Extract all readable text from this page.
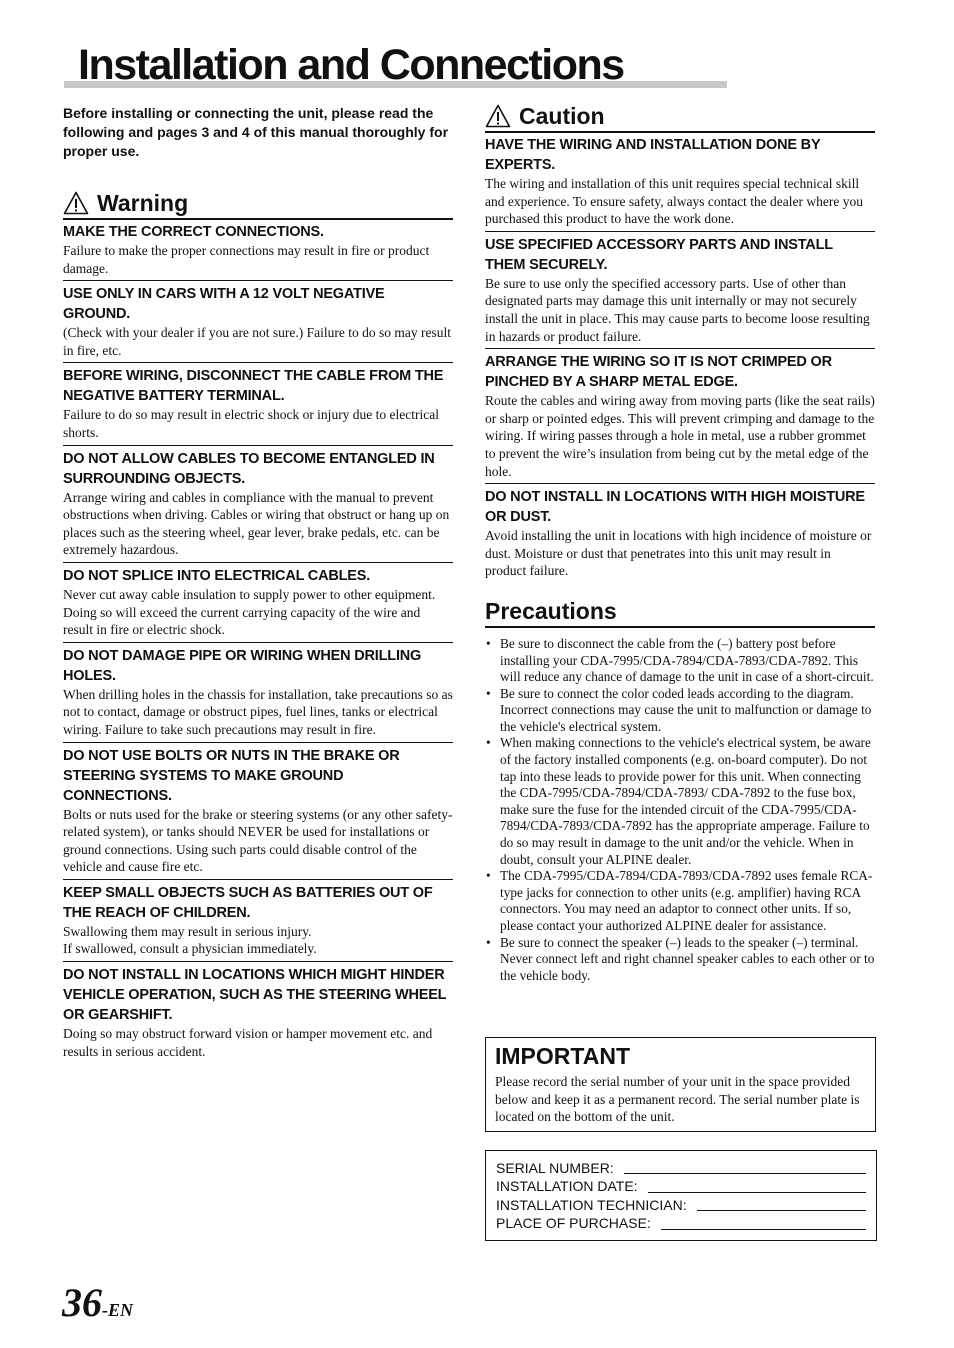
Installation and Connections

Before installing or connecting the unit, please read the following and pages 3 and 4 of this manual thoroughly for proper use.

Warning
MAKE THE CORRECT CONNECTIONS.
Failure to make the proper connections may result in fire or product damage.
USE ONLY IN CARS WITH A 12 VOLT NEGATIVE GROUND.
(Check with your dealer if you are not sure.) Failure to do so may result in fire, etc.
BEFORE WIRING, DISCONNECT THE CABLE FROM THE NEGATIVE BATTERY TERMINAL.
Failure to do so may result in electric shock or injury due to electrical shorts.
DO NOT ALLOW CABLES TO BECOME ENTANGLED IN SURROUNDING OBJECTS.
Arrange wiring and cables in compliance with the manual to prevent obstructions when driving. Cables or wiring that obstruct or hang up on places such as the steering wheel, gear lever, brake pedals, etc. can be extremely hazardous.
DO NOT SPLICE INTO ELECTRICAL CABLES.
Never cut away cable insulation to supply power to other equipment. Doing so will exceed the current carrying capacity of the wire and result in fire or electric shock.
DO NOT DAMAGE PIPE OR WIRING WHEN DRILLING HOLES.
When drilling holes in the chassis for installation, take precautions so as not to contact, damage or obstruct pipes, fuel lines, tanks or electrical wiring. Failure to take such precautions may result in fire.
DO NOT USE BOLTS OR NUTS IN THE BRAKE OR STEERING SYSTEMS TO MAKE GROUND CONNECTIONS.
Bolts or nuts used for the brake or steering systems (or any other safety-related system), or tanks should NEVER be used for installations or ground connections. Using such parts could disable control of the vehicle and cause fire etc.
KEEP SMALL OBJECTS SUCH AS BATTERIES OUT OF THE REACH OF CHILDREN.
Swallowing them may result in serious injury.
If swallowed, consult a physician immediately.
DO NOT INSTALL IN LOCATIONS WHICH MIGHT HINDER VEHICLE OPERATION, SUCH AS THE STEERING WHEEL OR GEARSHIFT.
Doing so may obstruct forward vision or hamper movement etc. and results in serious accident.
Caution
HAVE THE WIRING AND INSTALLATION DONE BY EXPERTS.
The wiring and installation of this unit requires special technical skill and experience. To ensure safety, always contact the dealer where you purchased this product to have the work done.
USE SPECIFIED ACCESSORY PARTS AND INSTALL THEM SECURELY.
Be sure to use only the specified accessory parts. Use of other than designated parts may damage this unit internally or may not securely install the unit in place. This may cause parts to become loose resulting in hazards or product failure.
ARRANGE THE WIRING SO IT IS NOT CRIMPED OR PINCHED BY A SHARP METAL EDGE.
Route the cables and wiring away from moving parts (like the seat rails) or sharp or pointed edges. This will prevent crimping and damage to the wiring. If wiring passes through a hole in metal, use a rubber grommet to prevent the wire’s insulation from being cut by the metal edge of the hole.
DO NOT INSTALL IN LOCATIONS WITH HIGH MOISTURE OR DUST.
Avoid installing the unit in locations with high incidence of moisture or dust. Moisture or dust that penetrates into this unit may result in product failure.
Precautions
• Be sure to disconnect the cable from the (–) battery post before installing your CDA-7995/CDA-7894/CDA-7893/CDA-7892. This will reduce any chance of damage to the unit in case of a short-circuit.
• Be sure to connect the color coded leads according to the diagram. Incorrect connections may cause the unit to malfunction or damage to the vehicle's electrical system.
• When making connections to the vehicle's electrical system, be aware of the factory installed components (e.g. on-board computer). Do not tap into these leads to provide power for this unit. When connecting the CDA-7995/CDA-7894/CDA-7893/ CDA-7892 to the fuse box, make sure the fuse for the intended circuit of the CDA-7995/CDA-7894/CDA-7893/CDA-7892 has the appropriate amperage. Failure to do so may result in damage to the unit and/or the vehicle. When in doubt, consult your ALPINE dealer.
• The CDA-7995/CDA-7894/CDA-7893/CDA-7892 uses female RCA-type jacks for connection to other units (e.g. amplifier) having RCA connectors. You may need an adaptor to connect other units. If so, please contact your authorized ALPINE dealer for assistance.
• Be sure to connect the speaker (–) leads to the speaker (–) terminal. Never connect left and right channel speaker cables to each other or to the vehicle body.
IMPORTANT

Please record the serial number of your unit in the space provided below and keep it as a permanent record. The serial number plate is located on the bottom of the unit.

SERIAL NUMBER:
INSTALLATION DATE:
INSTALLATION TECHNICIAN:
PLACE OF PURCHASE:
36-EN
